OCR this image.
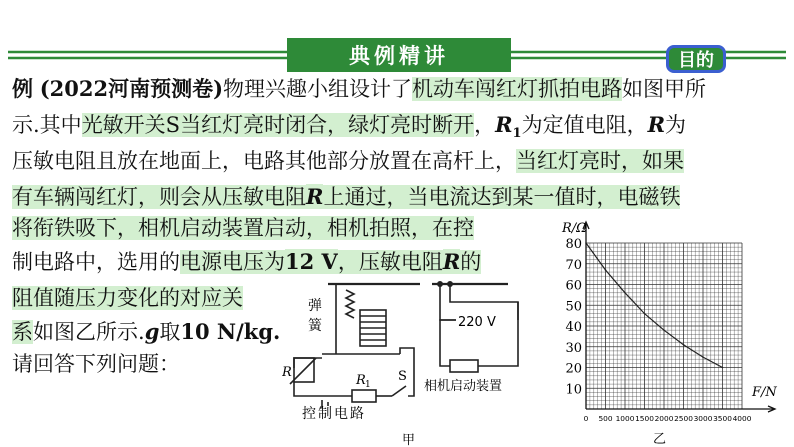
典例精讲	目的
例 (2022河南预测卷)物理兴趣小组设计了机动车闯红灯抓拍电路如图甲所
示.其中光敏开关S当红灯亮时闭合，绿灯亮时断开，$R_1$为定值电阻，R为
压敏电阻且放在地面上，电路其他部分放置在高杆上，当红灯亮时，如果
有车辆闯红灯，则会从压敏电阻R上通过，当电流达到某一值时，电磁铁
将衔铁吸下，相机启动装置启动，相机拍照，在控
制电路中，选用的电源电压为12 V，压敏电阻R的
阻值随压力变化的对应关
系如图乙所示.g取10 N/kg.
请回答下列问题：
弹
簧	220 V
R
R 1
S
控制电路
相机启动装置
甲
10
20
30
40
50
60
70
80
0 500 1000 1500 2000 2500 3000 3500 4000
R/Ω
F/N
乙
